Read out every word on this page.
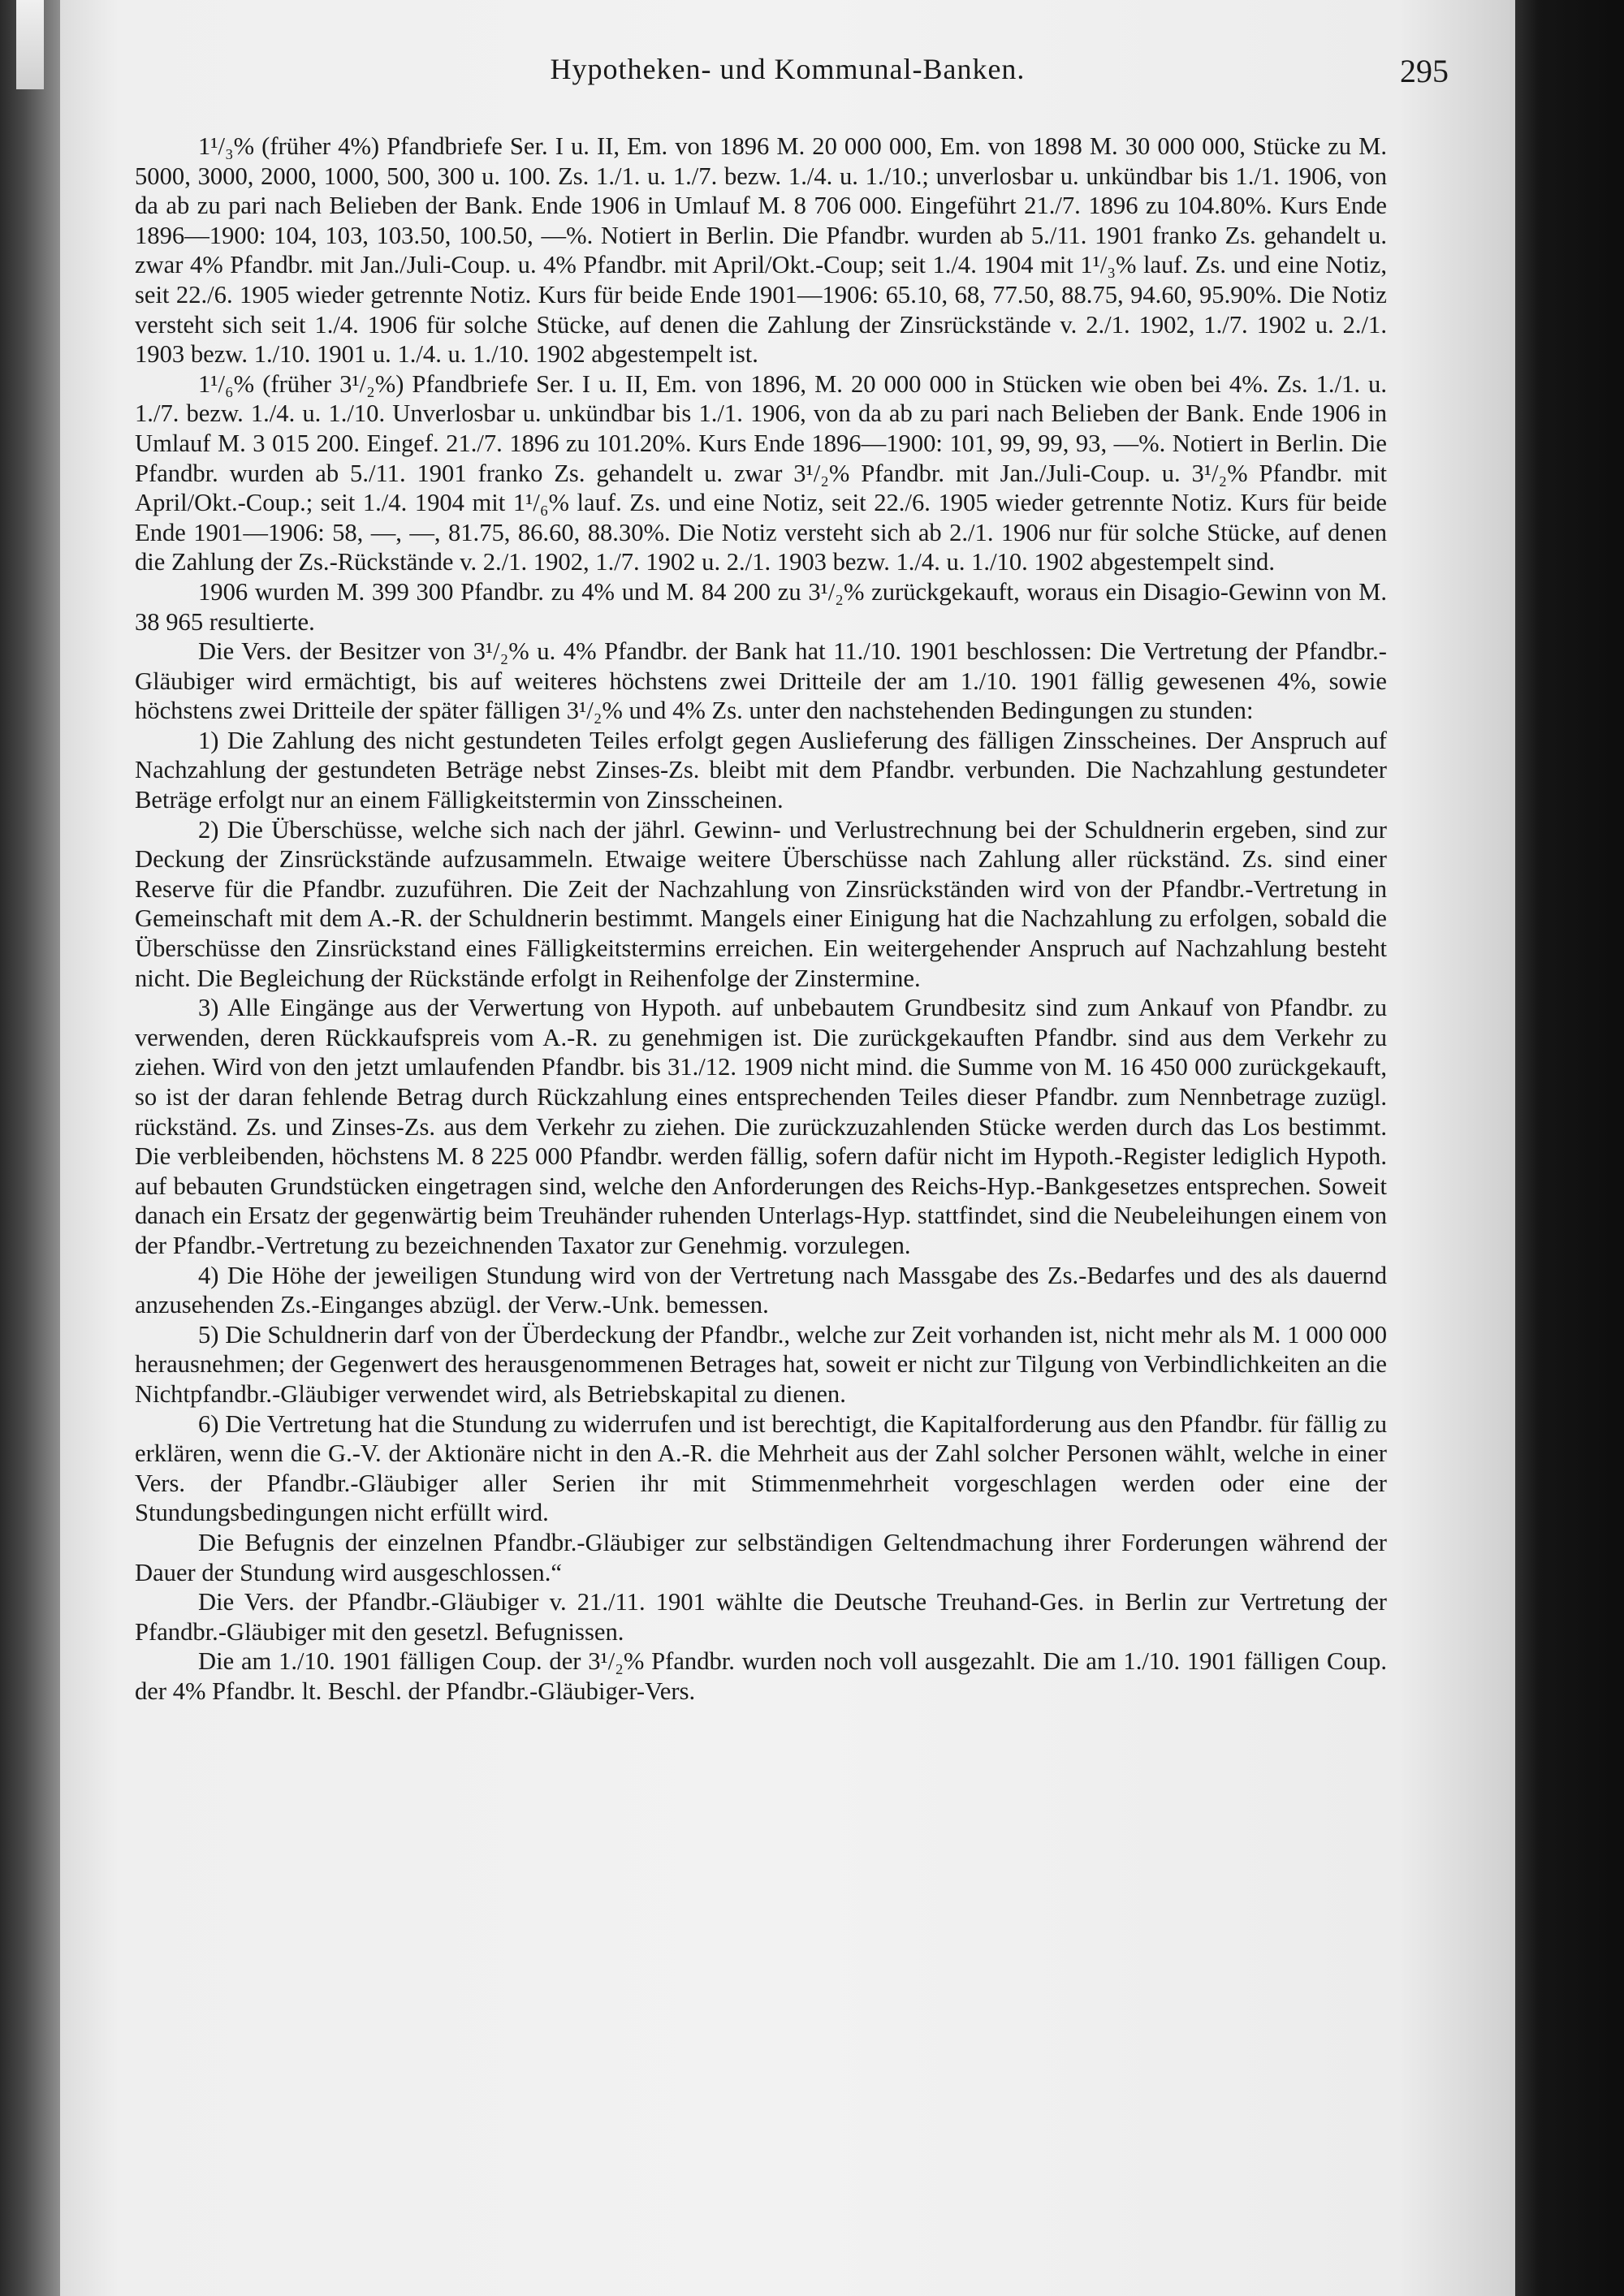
Hypotheken- und Kommunal-Banken.	295

1¹/₃% (früher 4%) Pfandbriefe Ser. I u. II, Em. von 1896 M. 20 000 000, Em. von 1898 M. 30 000 000, Stücke zu M. 5000, 3000, 2000, 1000, 500, 300 u. 100. Zs. 1./1. u. 1./7. bezw. 1./4. u. 1./10.; unverlosbar u. unkündbar bis 1./1. 1906, von da ab zu pari nach Belieben der Bank. Ende 1906 in Umlauf M. 8 706 000. Eingeführt 21./7. 1896 zu 104.80%. Kurs Ende 1896—1900: 104, 103, 103.50, 100.50, —%. Notiert in Berlin. Die Pfandbr. wurden ab 5./11. 1901 franko Zs. gehandelt u. zwar 4% Pfandbr. mit Jan./Juli-Coup. u. 4% Pfandbr. mit April/Okt.-Coup; seit 1./4. 1904 mit 1¹/₃% lauf. Zs. und eine Notiz, seit 22./6. 1905 wieder getrennte Notiz. Kurs für beide Ende 1901—1906: 65.10, 68, 77.50, 88.75, 94.60, 95.90%. Die Notiz versteht sich seit 1./4. 1906 für solche Stücke, auf denen die Zahlung der Zinsrückstände v. 2./1. 1902, 1./7. 1902 u. 2./1. 1903 bezw. 1./10. 1901 u. 1./4. u. 1./10. 1902 abgestempelt ist.

1¹/₆% (früher 3¹/₂%) Pfandbriefe Ser. I u. II, Em. von 1896, M. 20 000 000 in Stücken wie oben bei 4%. Zs. 1./1. u. 1./7. bezw. 1./4. u. 1./10. Unverlosbar u. unkündbar bis 1./1. 1906, von da ab zu pari nach Belieben der Bank. Ende 1906 in Umlauf M. 3 015 200. Eingef. 21./7. 1896 zu 101.20%. Kurs Ende 1896—1900: 101, 99, 99, 93, —%. Notiert in Berlin. Die Pfandbr. wurden ab 5./11. 1901 franko Zs. gehandelt u. zwar 3¹/₂% Pfandbr. mit Jan./Juli-Coup. u. 3¹/₂% Pfandbr. mit April/Okt.-Coup.; seit 1./4. 1904 mit 1¹/₆% lauf. Zs. und eine Notiz, seit 22./6. 1905 wieder getrennte Notiz. Kurs für beide Ende 1901—1906: 58, —, —, 81.75, 86.60, 88.30%. Die Notiz versteht sich ab 2./1. 1906 nur für solche Stücke, auf denen die Zahlung der Zs.-Rückstände v. 2./1. 1902, 1./7. 1902 u. 2./1. 1903 bezw. 1./4. u. 1./10. 1902 abgestempelt sind.

1906 wurden M. 399 300 Pfandbr. zu 4% und M. 84 200 zu 3¹/₂% zurückgekauft, woraus ein Disagio-Gewinn von M. 38 965 resultierte.

Die Vers. der Besitzer von 3¹/₂% u. 4% Pfandbr. der Bank hat 11./10. 1901 beschlossen: Die Vertretung der Pfandbr.-Gläubiger wird ermächtigt, bis auf weiteres höchstens zwei Dritteile der am 1./10. 1901 fällig gewesenen 4%, sowie höchstens zwei Dritteile der später fälligen 3¹/₂% und 4% Zs. unter den nachstehenden Bedingungen zu stunden:

1) Die Zahlung des nicht gestundeten Teiles erfolgt gegen Auslieferung des fälligen Zinsscheines. Der Anspruch auf Nachzahlung der gestundeten Beträge nebst Zinses-Zs. bleibt mit dem Pfandbr. verbunden. Die Nachzahlung gestundeter Beträge erfolgt nur an einem Fälligkeitstermin von Zinsscheinen.

2) Die Überschüsse, welche sich nach der jährl. Gewinn- und Verlustrechnung bei der Schuldnerin ergeben, sind zur Deckung der Zinsrückstände aufzusammeln. Etwaige weitere Überschüsse nach Zahlung aller rückständ. Zs. sind einer Reserve für die Pfandbr. zuzuführen. Die Zeit der Nachzahlung von Zinsrückständen wird von der Pfandbr.-Vertretung in Gemeinschaft mit dem A.-R. der Schuldnerin bestimmt. Mangels einer Einigung hat die Nachzahlung zu erfolgen, sobald die Überschüsse den Zinsrückstand eines Fälligkeitstermins erreichen. Ein weitergehender Anspruch auf Nachzahlung besteht nicht. Die Begleichung der Rückstände erfolgt in Reihenfolge der Zinstermine.

3) Alle Eingänge aus der Verwertung von Hypoth. auf unbebautem Grundbesitz sind zum Ankauf von Pfandbr. zu verwenden, deren Rückkaufspreis vom A.-R. zu genehmigen ist. Die zurückgekauften Pfandbr. sind aus dem Verkehr zu ziehen. Wird von den jetzt umlaufenden Pfandbr. bis 31./12. 1909 nicht mind. die Summe von M. 16 450 000 zurückgekauft, so ist der daran fehlende Betrag durch Rückzahlung eines entsprechenden Teiles dieser Pfandbr. zum Nennbetrage zuzügl. rückständ. Zs. und Zinses-Zs. aus dem Verkehr zu ziehen. Die zurückzuzahlenden Stücke werden durch das Los bestimmt. Die verbleibenden, höchstens M. 8 225 000 Pfandbr. werden fällig, sofern dafür nicht im Hypoth.-Register lediglich Hypoth. auf bebauten Grundstücken eingetragen sind, welche den Anforderungen des Reichs-Hyp.-Bankgesetzes entsprechen. Soweit danach ein Ersatz der gegenwärtig beim Treuhänder ruhenden Unterlags-Hyp. stattfindet, sind die Neubeleihungen einem von der Pfandbr.-Vertretung zu bezeichnenden Taxator zur Genehmig. vorzulegen.

4) Die Höhe der jeweiligen Stundung wird von der Vertretung nach Massgabe des Zs.-Bedarfes und des als dauernd anzusehenden Zs.-Einganges abzügl. der Verw.-Unk. bemessen.

5) Die Schuldnerin darf von der Überdeckung der Pfandbr., welche zur Zeit vorhanden ist, nicht mehr als M. 1 000 000 herausnehmen; der Gegenwert des herausgenommenen Betrages hat, soweit er nicht zur Tilgung von Verbindlichkeiten an die Nichtpfandbr.-Gläubiger verwendet wird, als Betriebskapital zu dienen.

6) Die Vertretung hat die Stundung zu widerrufen und ist berechtigt, die Kapitalforderung aus den Pfandbr. für fällig zu erklären, wenn die G.-V. der Aktionäre nicht in den A.-R. die Mehrheit aus der Zahl solcher Personen wählt, welche in einer Vers. der Pfandbr.-Gläubiger aller Serien ihr mit Stimmenmehrheit vorgeschlagen werden oder eine der Stundungsbedingungen nicht erfüllt wird.

Die Befugnis der einzelnen Pfandbr.-Gläubiger zur selbständigen Geltendmachung ihrer Forderungen während der Dauer der Stundung wird ausgeschlossen.“

Die Vers. der Pfandbr.-Gläubiger v. 21./11. 1901 wählte die Deutsche Treuhand-Ges. in Berlin zur Vertretung der Pfandbr.-Gläubiger mit den gesetzl. Befugnissen.

Die am 1./10. 1901 fälligen Coup. der 3¹/₂% Pfandbr. wurden noch voll ausgezahlt. Die am 1./10. 1901 fälligen Coup. der 4% Pfandbr. lt. Beschl. der Pfandbr.-Gläubiger-Vers.
